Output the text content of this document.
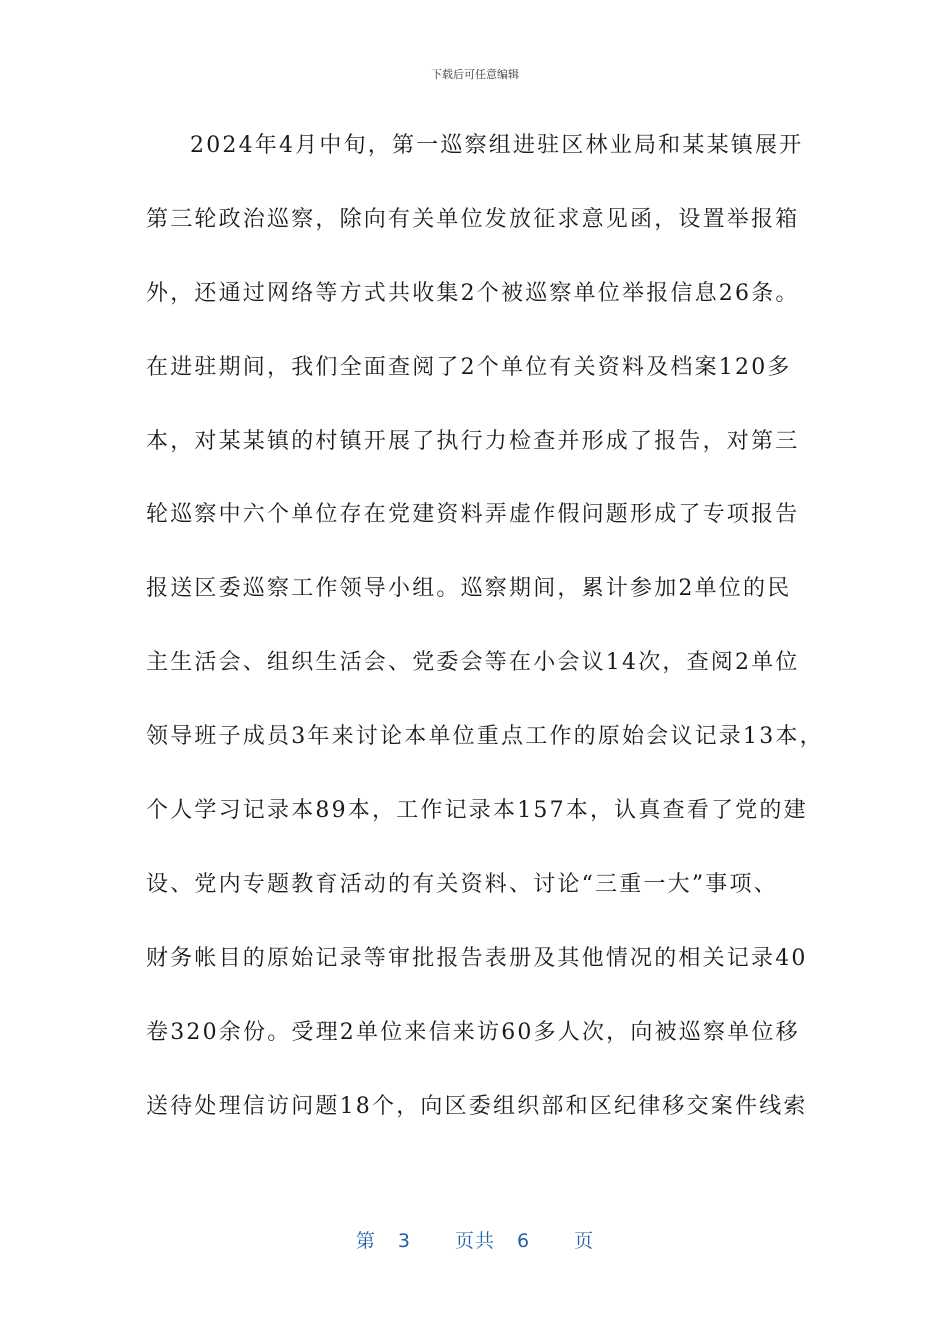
下载后可任意编辑
2024年4月中旬，第一巡察组进驻区林业局和某某镇展开
第三轮政治巡察，除向有关单位发放征求意见函，设置举报箱
外，还通过网络等方式共收集2个被巡察单位举报信息26条。
在进驻期间，我们全面查阅了2个单位有关资料及档案120多
本，对某某镇的村镇开展了执行力检查并形成了报告，对第三
轮巡察中六个单位存在党建资料弄虚作假问题形成了专项报告
报送区委巡察工作领导小组。巡察期间，累计参加2单位的民
主生活会、组织生活会、党委会等在小会议14次，查阅2单位
领导班子成员3年来讨论本单位重点工作的原始会议记录13本，
个人学习记录本89本，工作记录本157本，认真查看了党的建
设、党内专题教育活动的有关资料、讨论“三重一大”事项、
财务帐目的原始记录等审批报告表册及其他情况的相关记录40
卷320余份。受理2单位来信来访60多人次，向被巡察单位移
送待处理信访问题18个，向区委组织部和区纪律移交案件线索
第 3 页共 6 页
